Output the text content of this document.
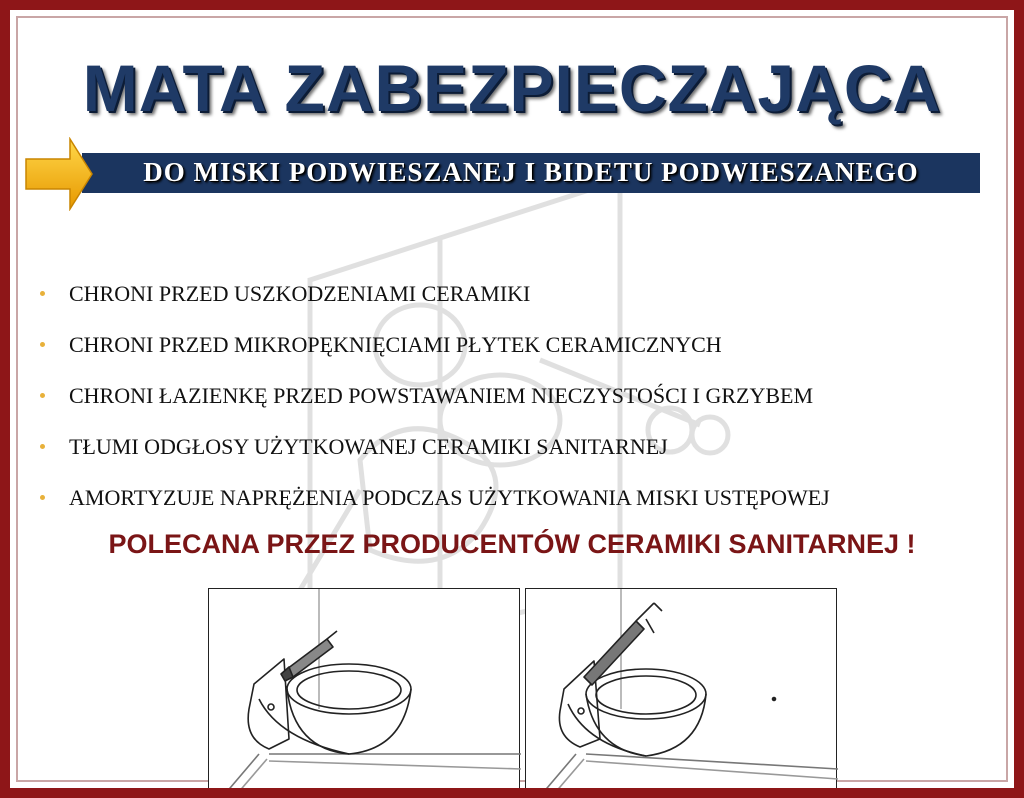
MATA ZABEZPIECZAJĄCA
DO MISKI PODWIESZANEJ I BIDETU PODWIESZANEGO
CHRONI PRZED USZKODZENIAMI CERAMIKI
CHRONI PRZED MIKROPĘKNIĘCIAMI PŁYTEK CERAMICZNYCH
CHRONI ŁAZIENKĘ PRZED POWSTAWANIEM NIECZYSTOŚCI I GRZYBEM
TŁUMI ODGŁOSY UŻYTKOWANEJ CERAMIKI SANITARNEJ
AMORTYZUJE NAPRĘŻENIA PODCZAS UŻYTKOWANIA MISKI USTĘPOWEJ

POLECANA PRZEZ PRODUCENTÓW CERAMIKI SANITARNEJ !
